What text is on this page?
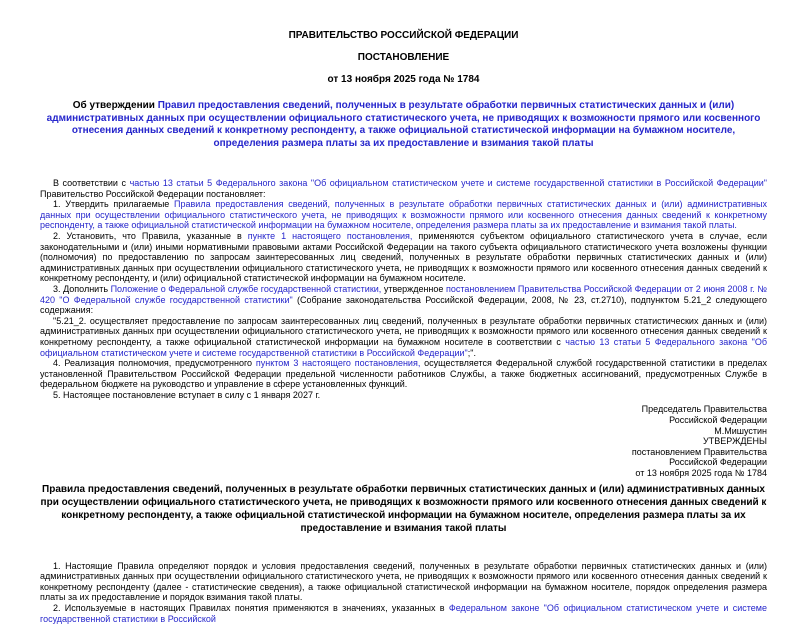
ПРАВИТЕЛЬСТВО РОССИЙСКОЙ ФЕДЕРАЦИИ
ПОСТАНОВЛЕНИЕ
от 13 ноября 2025 года № 1784
Об утверждении Правил предоставления сведений, полученных в результате обработки первичных статистических данных и (или) административных данных при осуществлении официального статистического учета, не приводящих к возможности прямого или косвенного отнесения данных сведений к конкретному респонденту, а также официальной статистической информации на бумажном носителе, определения размера платы за их предоставление и взимания такой платы

В соответствии с частью 13 статьи 5 Федерального закона "Об официальном статистическом учете и системе государственной статистики в Российской Федерации" Правительство Российской Федерации постановляет:

1. Утвердить прилагаемые Правила предоставления сведений, полученных в результате обработки первичных статистических данных и (или) административных данных при осуществлении официального статистического учета, не приводящих к возможности прямого или косвенного отнесения данных сведений к конкретному респонденту, а также официальной статистической информации на бумажном носителе, определения размера платы за их предоставление и взимания такой платы.

2. Установить, что Правила, указанные в пункте 1 настоящего постановления, применяются субъектом официального статистического учета в случае, если законодательными и (или) иными нормативными правовыми актами Российской Федерации на такого субъекта официального статистического учета возложены функции (полномочия) по предоставлению по запросам заинтересованных лиц сведений, полученных в результате обработки первичных статистических данных и (или) административных данных при осуществлении официального статистического учета, не приводящих к возможности прямого или косвенного отнесения данных сведений к конкретному респонденту, и (или) официальной статистической информации на бумажном носителе.

3. Дополнить Положение о Федеральной службе государственной статистики, утвержденное постановлением Правительства Российской Федерации от 2 июня 2008 г. № 420 "О Федеральной службе государственной статистики" (Собрание законодательства Российской Федерации, 2008, № 23, ст.2710), подпунктом 5.21_2 следующего содержания:

"5.21_2. осуществляет предоставление по запросам заинтересованных лиц сведений, полученных в результате обработки первичных статистических данных и (или) административных данных при осуществлении официального статистического учета, не приводящих к возможности прямого или косвенного отнесения данных сведений к конкретному респонденту, а также официальной статистической информации на бумажном носителе в соответствии с частью 13 статьи 5 Федерального закона "Об официальном статистическом учете и системе государственной статистики в Российской Федерации";".

4. Реализация полномочия, предусмотренного пунктом 3 настоящего постановления, осуществляется Федеральной службой государственной статистики в пределах установленной Правительством Российской Федерации предельной численности работников Службы, а также бюджетных ассигнований, предусмотренных Службе в федеральном бюджете на руководство и управление в сфере установленных функций.

5. Настоящее постановление вступает в силу с 1 января 2027 г.

Председатель Правительства
Российской Федерации
М.Мишустин
УТВЕРЖДЕНЫ
постановлением Правительства
Российской Федерации
от 13 ноября 2025 года № 1784
Правила предоставления сведений, полученных в результате обработки первичных статистических данных и (или) административных данных при осуществлении официального статистического учета, не приводящих к возможности прямого или косвенного отнесения данных сведений к конкретному респонденту, а также официальной статистической информации на бумажном носителе, определения размера платы за их предоставление и взимания такой платы

1. Настоящие Правила определяют порядок и условия предоставления сведений, полученных в результате обработки первичных статистических данных и (или) административных данных при осуществлении официального статистического учета, не приводящих к возможности прямого или косвенного отнесения данных сведений к конкретному респонденту (далее - статистические сведения), а также официальной статистической информации на бумажном носителе, порядок определения размера платы за их предоставление и порядок взимания такой платы.

2. Используемые в настоящих Правилах понятия применяются в значениях, указанных в Федеральном законе "Об официальном статистическом учете и системе государственной статистики в Российской
